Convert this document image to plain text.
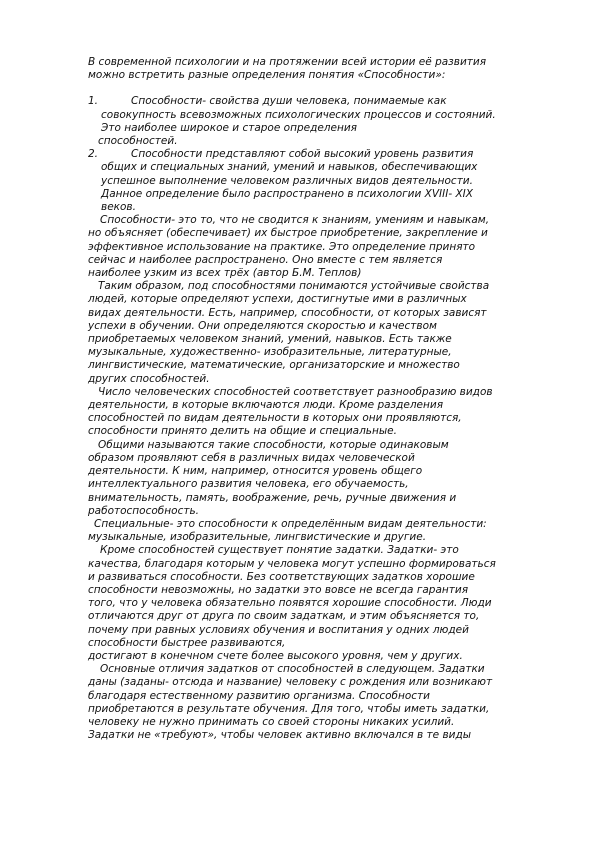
В современной психологии и на протяжении всей истории её развития

можно встретить разные определения понятия «Способности»:

1.	Способности- свойства души человека, понимаемые как

совокупность всевозможных психологических процессов и состояний.

Это наиболее широкое и старое определения

способностей.

2.	Способности представляют собой высокий уровень развития

общих и специальных знаний, умений и навыков, обеспечивающих

успешное выполнение человеком различных видов деятельности.

Данное определение было распространено в психологии XVIII- XIX

веков.

Способности- это то, что не сводится к знаниям, умениям и навыкам,

но объясняет (обеспечивает) их быстрое приобретение, закрепление и

эффективное использование на практике. Это определение принято

сейчас и наиболее распространено. Оно вместе с тем является

наиболее узким из всех трёх (автор Б.М. Теплов)

Таким образом, под способностями понимаются устойчивые свойства

людей, которые определяют успехи, достигнутые ими в различных

видах деятельности. Есть, например, способности, от которых зависят

успехи в обучении. Они определяются скоростью и качеством

приобретаемых человеком знаний, умений, навыков. Есть также

музыкальные, художественно- изобразительные, литературные,

лингвистические, математические, организаторские и множество

других способностей.

Число человеческих способностей соответствует разнообразию видов

деятельности, в которые включаются люди. Кроме разделения

способностей по видам деятельности в которых они проявляются,

способности принято делить на общие и специальные.

Общими называются такие способности, которые одинаковым

образом проявляют себя в различных видах человеческой

деятельности. К ним, например, относится уровень общего

интеллектуального развития человека, его обучаемость,

внимательность, память, воображение, речь, ручные движения и

работоспособность.

Специальные- это способности к определённым видам деятельности:

музыкальные, изобразительные, лингвистические и другие.

Кроме способностей существует понятие задатки. Задатки- это

качества, благодаря которым у человека могут успешно формироваться

и развиваться способности. Без соответствующих задатков хорошие

способности невозможны, но задатки это вовсе не всегда гарантия

того, что у человека обязательно появятся хорошие способности. Люди

отличаются друг от друга по своим задаткам, и этим объясняется то,

почему при равных условиях обучения и воспитания у одних людей

способности быстрее развиваются,

достигают в конечном счете более высокого уровня, чем у других.

Основные отличия задатков от способностей в следующем. Задатки

даны (заданы- отсюда и название) человеку с рождения или возникают

благодаря естественному развитию организма. Способности

приобретаются в результате обучения. Для того, чтобы иметь задатки,

человеку не нужно принимать со своей стороны никаких усилий.

Задатки не «требуют», чтобы человек активно включался в те виды
